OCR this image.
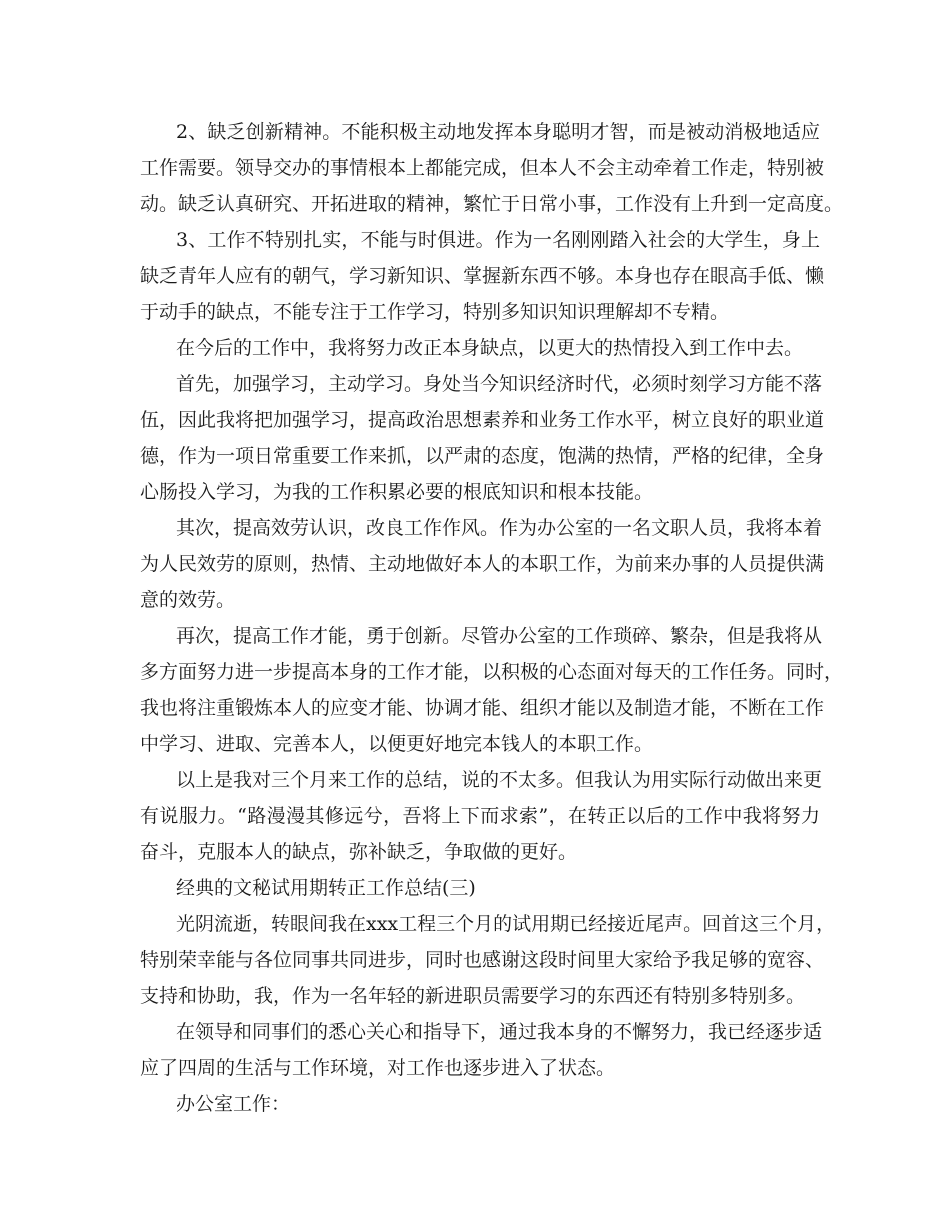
2、缺乏创新精神。不能积极主动地发挥本身聪明才智，而是被动消极地适应
工作需要。领导交办的事情根本上都能完成，但本人不会主动牵着工作走，特别被
动。缺乏认真研究、开拓进取的精神，繁忙于日常小事，工作没有上升到一定高度。
3、工作不特别扎实，不能与时俱进。作为一名刚刚踏入社会的大学生，身上
缺乏青年人应有的朝气，学习新知识、掌握新东西不够。本身也存在眼高手低、懒
于动手的缺点，不能专注于工作学习，特别多知识知识理解却不专精。
在今后的工作中，我将努力改正本身缺点，以更大的热情投入到工作中去。
首先，加强学习，主动学习。身处当今知识经济时代，必须时刻学习方能不落
伍，因此我将把加强学习，提高政治思想素养和业务工作水平，树立良好的职业道
德，作为一项日常重要工作来抓，以严肃的态度，饱满的热情，严格的纪律，全身
心肠投入学习，为我的工作积累必要的根底知识和根本技能。
其次，提高效劳认识，改良工作作风。作为办公室的一名文职人员，我将本着
为人民效劳的原则，热情、主动地做好本人的本职工作，为前来办事的人员提供满
意的效劳。
再次，提高工作才能，勇于创新。尽管办公室的工作琐碎、繁杂，但是我将从
多方面努力进一步提高本身的工作才能，以积极的心态面对每天的工作任务。同时，
我也将注重锻炼本人的应变才能、协调才能、组织才能以及制造才能，不断在工作
中学习、进取、完善本人，以便更好地完本钱人的本职工作。
以上是我对三个月来工作的总结，说的不太多。但我认为用实际行动做出来更
有说服力。“路漫漫其修远兮，吾将上下而求索”，在转正以后的工作中我将努力
奋斗，克服本人的缺点，弥补缺乏，争取做的更好。
经典的文秘试用期转正工作总结(三)
光阴流逝，转眼间我在xxx工程三个月的试用期已经接近尾声。回首这三个月，
特别荣幸能与各位同事共同进步，同时也感谢这段时间里大家给予我足够的宽容、
支持和协助，我，作为一名年轻的新进职员需要学习的东西还有特别多特别多。
在领导和同事们的悉心关心和指导下，通过我本身的不懈努力，我已经逐步适
应了四周的生活与工作环境，对工作也逐步进入了状态。
办公室工作：
